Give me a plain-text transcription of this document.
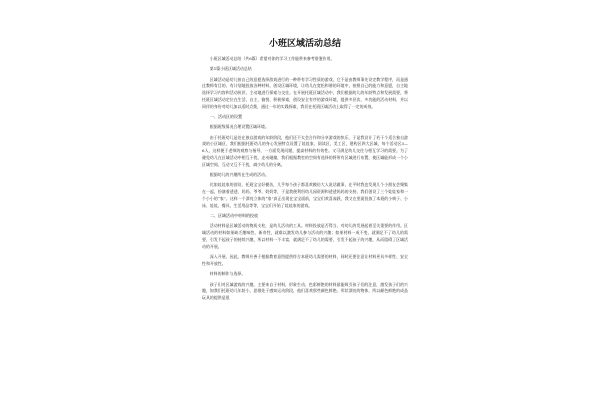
小班区域活动总结
小班区域活动总结（共6篇）希望对你的学习工作能带来参考借鉴作用。
第1篇小班区域活动总结
区域活动是幼儿按自己的意愿选择游戏进行的一种带有学习性质的游戏，它不是由教师事先设定教学程序，而是通过教师有目的、有计划地投放各种材料，创设区域环境，让幼儿在宽松和谐的环境中，按照自己的能力和意愿，自主地选择学习内容和活动伙伴，主动地进行探索与交往。在开展托班区域活动中，我们根据幼儿的年龄特点和发展需要，将托班区域活动定位在生活、自主、愉悦、积极探索，创设安全有序的游戏环境，提供多层次、多功能的活动材料，并以同伴的身份对幼儿加以适时点拨，通过一年的实践探索，我们在托班区域活动上取得了一定的成效。
一、活动区的设置
根据班级情况合理设置区域环境。
由于托班幼儿是处在独自游戏的年龄阶段，他们还不太会合作和分享游戏的快乐，于是我设计了若干个适合独自游戏的小区域区，我们根据托班幼儿的身心发展特点设置了娃娃家、阅读区、美工区，建构区四大区域，每个活动区3—6人，这样便于老师的观察与指导，一方面发现问题，提高材料的有效性。又可满足幼儿交往与相互学习的需要。为了避免幼儿在区域活动中相互干扰，走动碰撞，我们根据教室的空间有选择的将所有区域进行布置，使区域能形成一个小区域空间，互动又互不干扰，减少幼儿的分离。
根据幼儿的兴趣所在生成的活动。
比如娃娃家的创设，托班宝宝好模仿，几乎每个孩子都喜欢模仿大人说话做事，在平时我也发现几个小朋友会聚集在一起，扮演着爸爸、妈妈、爷爷、奶奶等，于是我便利用幼儿园资源和爸爸妈妈的支持，我们创设了三个娃娃家和一个小小的“家”。这样一个漂亮立体的“家”真正出现在宝宝面前，宝宝们欢喜雀跃，我又在里面投放了本班的小椅子、小床、娃娃、餐具、生活用品等等，宝宝们开始了娃娃家的游戏。
二、区域活动中材料的投放
活动材料是区域活动的物质支柱，是幼儿活动的工具。材料投放是否得当，对幼儿的发展起着至关重要的作用。区域活动的材料如果缺乏趣味性、新奇性，就难以激发幼儿参与活动的兴趣；如果材料一成不变，就满足不了幼儿的需要，引发不起孩子的持续兴趣，所以材料一不丰富，就满足不了幼儿的需要，引发不起孩子的兴趣，从而阻碍了区域活动的开展。
深入开展，因此，教师应善于根据教育意图提供符合本班幼儿需要的材料，同时还要注意让材料更具多样性、安全性和开放性。
材料的制作与选择。
孩子们对区域游戏的兴趣，主要来自于材料，形象生动、色彩鲜艳的材料最能吸引孩子们的注意，激发孩子们的兴趣，如我们托班幼儿年龄小，思维处于感知运动阶段，他们喜欢那些颜色鲜艳、形状漂亮的物体，所以颜色鲜艳的成品玩具的提供是很
